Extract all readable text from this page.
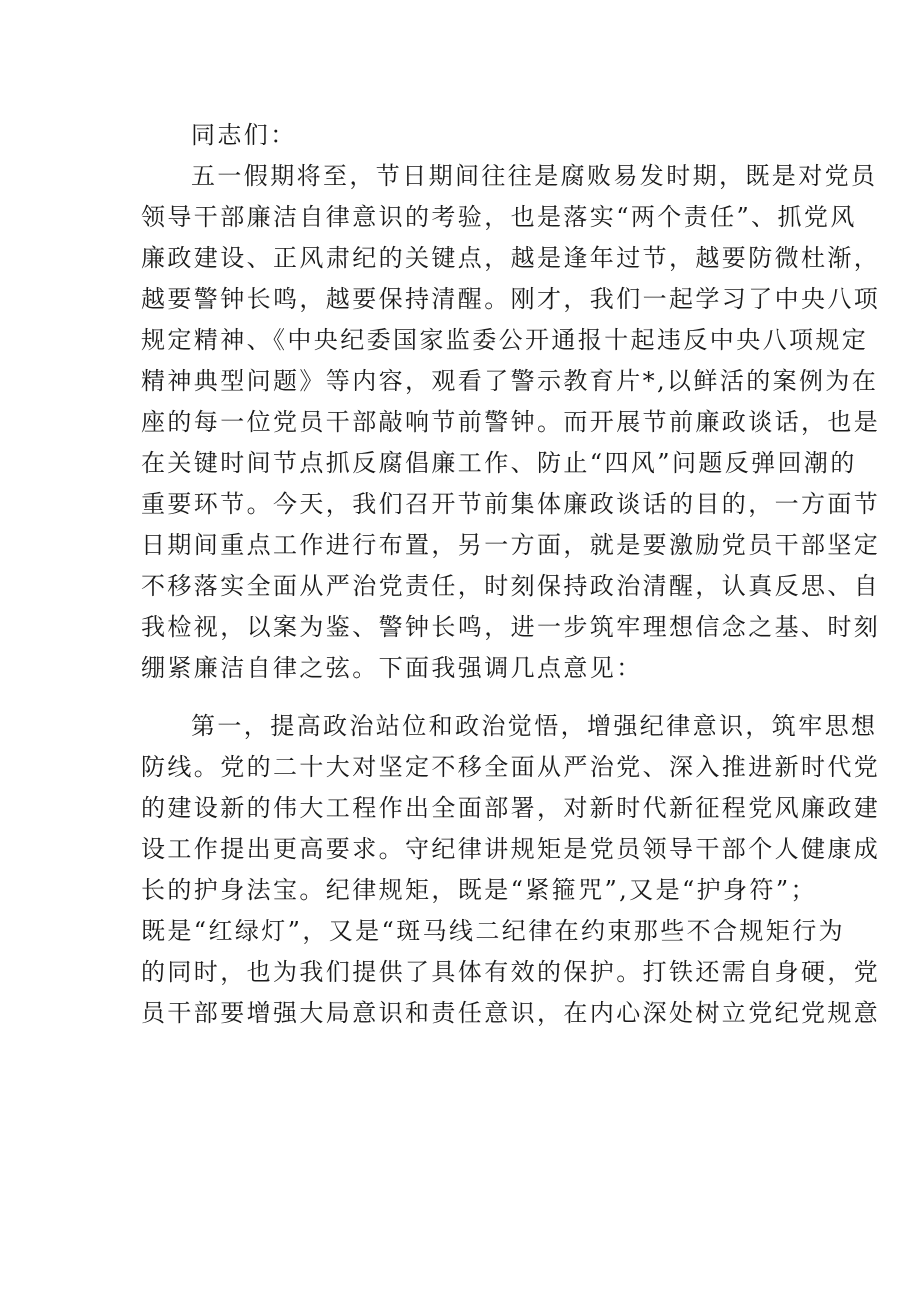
同志们：
五一假期将至，节日期间往往是腐败易发时期，既是对党员
领导干部廉洁自律意识的考验，也是落实“两个责任”、抓党风
廉政建设、正风肃纪的关键点，越是逢年过节，越要防微杜渐，
越要警钟长鸣，越要保持清醒。刚才，我们一起学习了中央八项
规定精神、《中央纪委国家监委公开通报十起违反中央八项规定
精神典型问题》等内容，观看了警示教育片*,以鲜活的案例为在
座的每一位党员干部敲响节前警钟。而开展节前廉政谈话，也是
在关键时间节点抓反腐倡廉工作、防止“四风”问题反弹回潮的
重要环节。今天，我们召开节前集体廉政谈话的目的，一方面节
日期间重点工作进行布置，另一方面，就是要激励党员干部坚定
不移落实全面从严治党责任，时刻保持政治清醒，认真反思、自
我检视，以案为鉴、警钟长鸣，进一步筑牢理想信念之基、时刻
绷紧廉洁自律之弦。下面我强调几点意见：
第一，提高政治站位和政治觉悟，增强纪律意识，筑牢思想
防线。党的二十大对坚定不移全面从严治党、深入推进新时代党
的建设新的伟大工程作出全面部署，对新时代新征程党风廉政建
设工作提出更高要求。守纪律讲规矩是党员领导干部个人健康成
长的护身法宝。纪律规矩，既是“紧箍咒”,又是“护身符”；
既是“红绿灯”，又是“斑马线二纪律在约束那些不合规矩行为
的同时，也为我们提供了具体有效的保护。打铁还需自身硬，党
员干部要增强大局意识和责任意识，在内心深处树立党纪党规意
